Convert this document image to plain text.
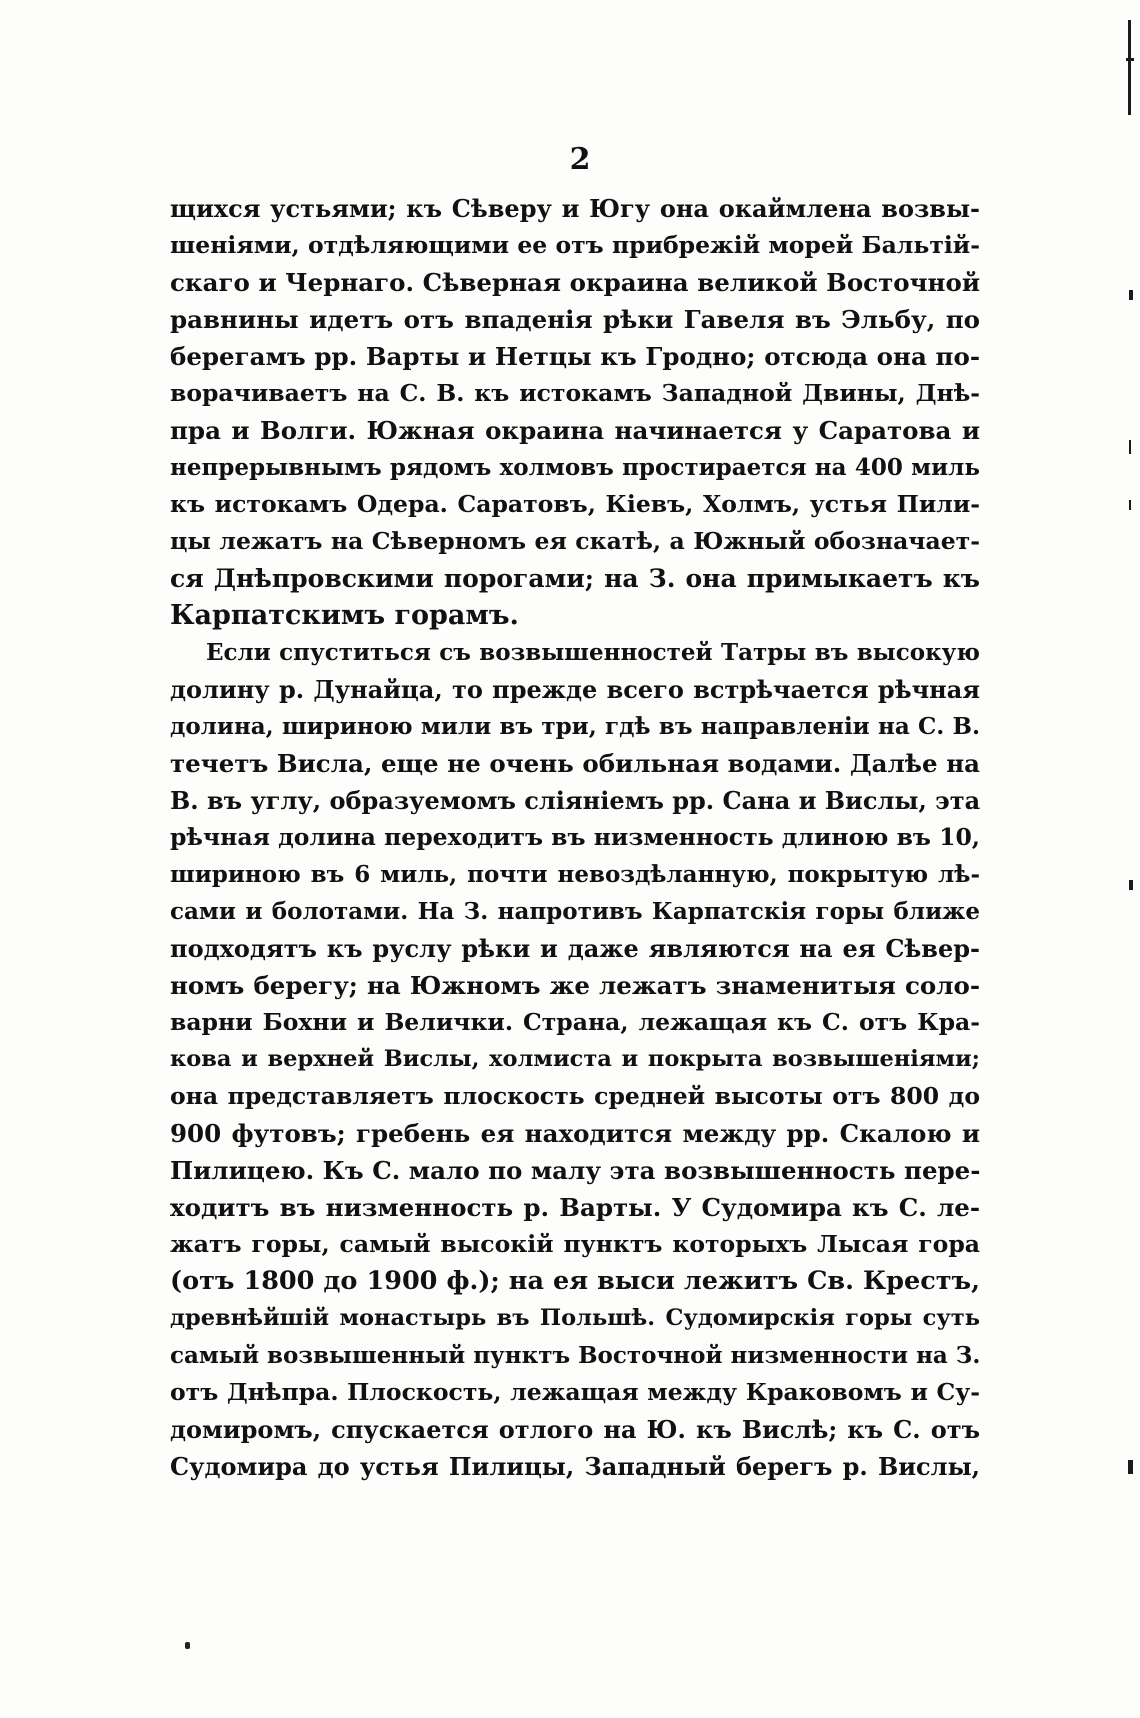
2
щихся устьями; къ Сѣверу и Югу она окаймлена возвы-
шеніями, отдѣляющими ее отъ прибрежій морей Бальтій-
скаго и Чернаго. Сѣверная окраина великой Восточной
равнины идетъ отъ впаденія рѣки Гавеля въ Эльбу, по
берегамъ рр. Варты и Нетцы къ Гродно; отсюда она по-
ворачиваетъ на С. В. къ истокамъ Западной Двины, Днѣ-
пра и Волги. Южная окраина начинается у Саратова и
непрерывнымъ рядомъ холмовъ простирается на 400 миль
къ истокамъ Одера. Саратовъ, Кіевъ, Холмъ, устья Пили-
цы лежатъ на Сѣверномъ ея скатѣ, а Южный обозначает-
ся Днѣпровскими порогами; на З. она примыкаетъ къ
Карпатскимъ горамъ.
Если спуститься съ возвышенностей Татры въ высокую
долину р. Дунайца, то прежде всего встрѣчается рѣчная
долина, шириною мили въ три, гдѣ въ направленіи на С. В.
течетъ Висла, еще не очень обильная водами. Далѣе на
В. въ углу, образуемомъ сліяніемъ рр. Сана и Вислы, эта
рѣчная долина переходитъ въ низменность длиною въ 10,
шириною въ 6 миль, почти невоздѣланную, покрытую лѣ-
сами и болотами. На З. напротивъ Карпатскія горы ближе
подходятъ къ руслу рѣки и даже являются на ея Сѣвер-
номъ берегу; на Южномъ же лежатъ знаменитыя соло-
варни Бохни и Велички. Страна, лежащая къ С. отъ Кра-
кова и верхней Вислы, холмиста и покрыта возвышеніями;
она представляетъ плоскость средней высоты отъ 800 до
900 футовъ; гребень ея находится между рр. Скалою и
Пилицею. Къ С. мало по малу эта возвышенность пере-
ходитъ въ низменность р. Варты. У Судомира къ С. ле-
жатъ горы, самый высокій пунктъ которыхъ Лысая гора
(отъ 1800 до 1900 ф.); на ея выси лежитъ Св. Крестъ,
древнѣйшій монастырь въ Польшѣ. Судомирскія горы суть
самый возвышенный пунктъ Восточной низменности на З.
отъ Днѣпра. Плоскость, лежащая между Краковомъ и Су-
домиромъ, спускается отлого на Ю. къ Вислѣ; къ С. отъ
Судомира до устья Пилицы, Западный берегъ р. Вислы,
